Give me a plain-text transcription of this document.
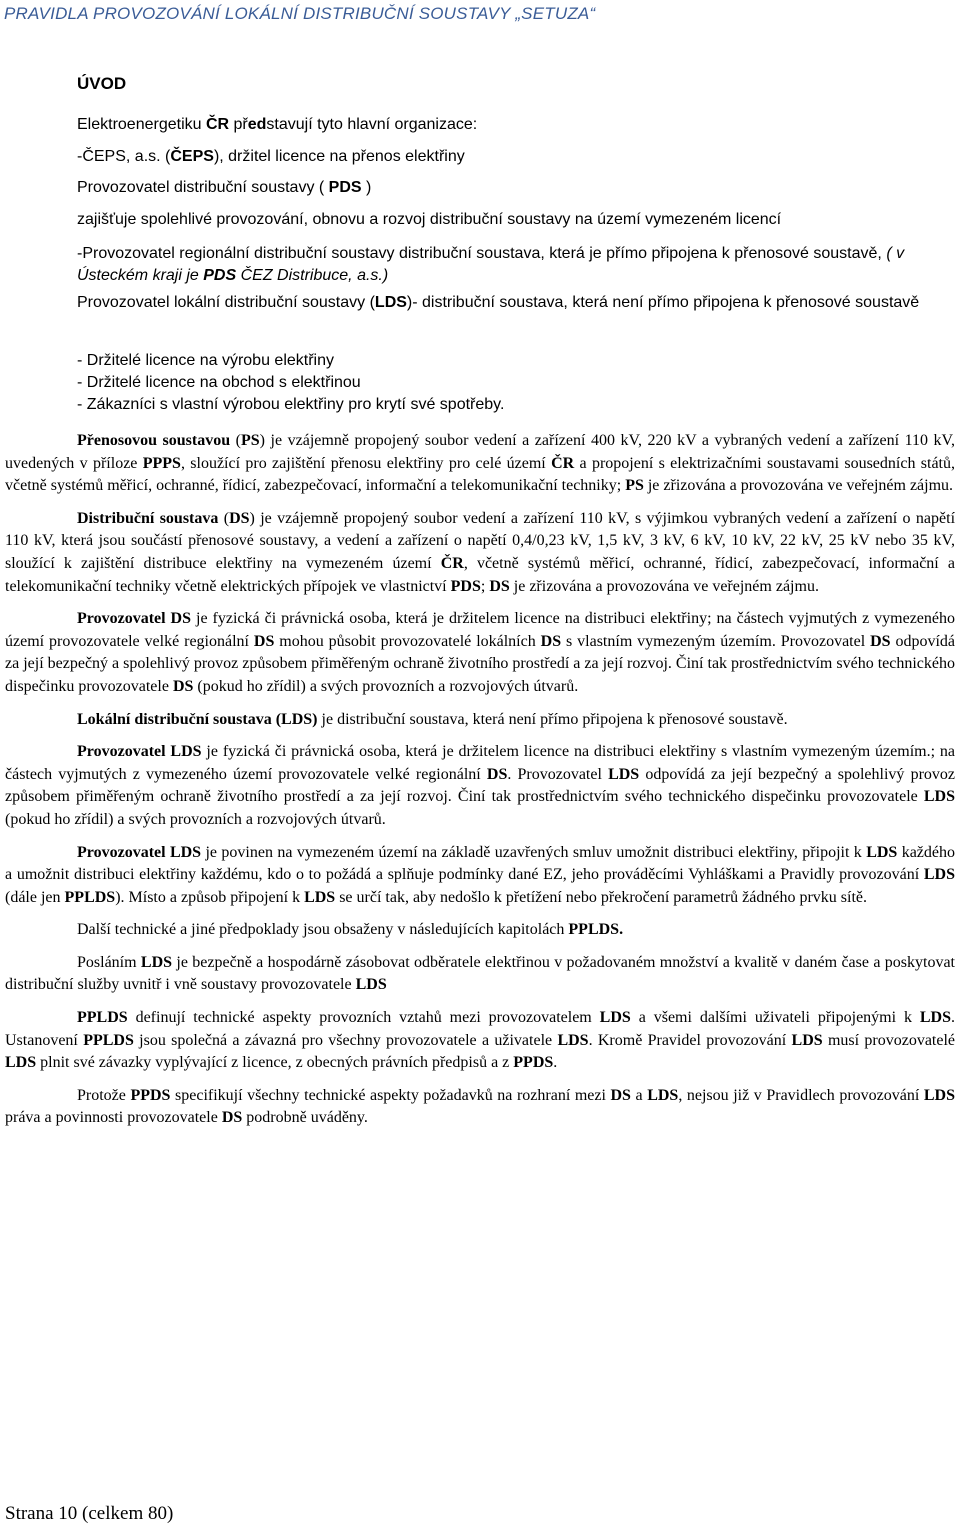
PRAVIDLA PROVOZOVÁNÍ LOKÁLNÍ DISTRIBUČNÍ SOUSTAVY „SETUZA“
ÚVOD
Elektroenergetiku ČR představují tyto hlavní organizace:
-ČEPS, a.s. (ČEPS), držitel licence na přenos elektřiny
Provozovatel distribuční soustavy ( PDS )
zajišťuje spolehlivé provozování, obnovu a rozvoj distribuční soustavy na území vymezeném licencí
-Provozovatel regionální distribuční soustavy distribuční soustava, která je přímo připojena k přenosové soustavě, ( v Ústeckém kraji je PDS ČEZ Distribuce, a.s.)
Provozovatel lokální distribuční soustavy (LDS)- distribuční soustava, která není přímo připojena k přenosové soustavě
- Držitelé licence na výrobu elektřiny
- Držitelé licence na obchod s elektřinou
- Zákazníci s vlastní výrobou elektřiny pro krytí své spotřeby.

Přenosovou soustavou (PS) je vzájemně propojený soubor vedení a zařízení 400 kV, 220 kV a vybraných vedení a zařízení 110 kV, uvedených v příloze PPPS, sloužící pro zajištění přenosu elektřiny pro celé území ČR a propojení s elektrizačními soustavami sousedních států, včetně systémů měřicí, ochranné, řídicí, zabezpečovací, informační a telekomunikační techniky; PS je zřizována a provozována ve veřejném zájmu.

Distribuční soustava (DS) je vzájemně propojený soubor vedení a zařízení 110 kV, s výjimkou vybraných vedení a zařízení o napětí 110 kV, která jsou součástí přenosové soustavy, a vedení a zařízení o napětí 0,4/0,23 kV, 1,5 kV, 3 kV, 6 kV, 10 kV, 22 kV, 25 kV nebo 35 kV, sloužící k zajištění distribuce elektřiny na vymezeném území ČR, včetně systémů měřicí, ochranné, řídicí, zabezpečovací, informační a telekomunikační techniky včetně elektrických přípojek ve vlastnictví PDS; DS je zřizována a provozována ve veřejném zájmu.

Provozovatel DS je fyzická či právnická osoba, která je držitelem licence na distribuci elektřiny; na částech vyjmutých z vymezeného území provozovatele velké regionální DS mohou působit provozovatelé lokálních DS s vlastním vymezeným územím. Provozovatel DS odpovídá za její bezpečný a spolehlivý provoz způsobem přiměřeným ochraně životního prostředí a za její rozvoj. Činí tak prostřednictvím svého technického dispečinku provozovatele DS (pokud ho zřídil) a svých provozních a rozvojových útvarů.

Lokální distribuční soustava (LDS) je distribuční soustava, která není přímo připojena k přenosové soustavě.

Provozovatel LDS je fyzická či právnická osoba, která je držitelem licence na distribuci elektřiny s vlastním vymezeným územím.; na částech vyjmutých z vymezeného území provozovatele velké regionální DS. Provozovatel LDS odpovídá za její bezpečný a spolehlivý provoz způsobem přiměřeným ochraně životního prostředí a za její rozvoj. Činí tak prostřednictvím svého technického dispečinku provozovatele LDS (pokud ho zřídil) a svých provozních a rozvojových útvarů.

Provozovatel LDS je povinen na vymezeném území na základě uzavřených smluv umožnit distribuci elektřiny, připojit k LDS každého a umožnit distribuci elektřiny každému, kdo o to požádá a splňuje podmínky dané EZ, jeho prováděcími Vyhláškami a Pravidly provozování LDS (dále jen PPLDS). Místo a způsob připojení k LDS se určí tak, aby nedošlo k přetížení nebo překročení parametrů žádného prvku sítě.

Další technické a jiné předpoklady jsou obsaženy v následujících kapitolách PPLDS.

Posláním LDS je bezpečně a hospodárně zásobovat odběratele elektřinou v požadovaném množství a kvalitě v daném čase a poskytovat distribuční služby uvnitř i vně soustavy provozovatele LDS

PPLDS definují technické aspekty provozních vztahů mezi provozovatelem LDS a všemi dalšími uživateli připojenými k LDS. Ustanovení PPLDS jsou společná a závazná pro všechny provozovatele a uživatele LDS. Kromě Pravidel provozování LDS musí provozovatelé LDS plnit své závazky vyplývající z licence, z obecných právních předpisů a z PPDS.

Protože PPDS specifikují všechny technické aspekty požadavků na rozhraní mezi DS a LDS, nejsou již v Pravidlech provozování LDS práva a povinnosti provozovatele DS podrobně uváděny.

Strana 10 (celkem 80)
